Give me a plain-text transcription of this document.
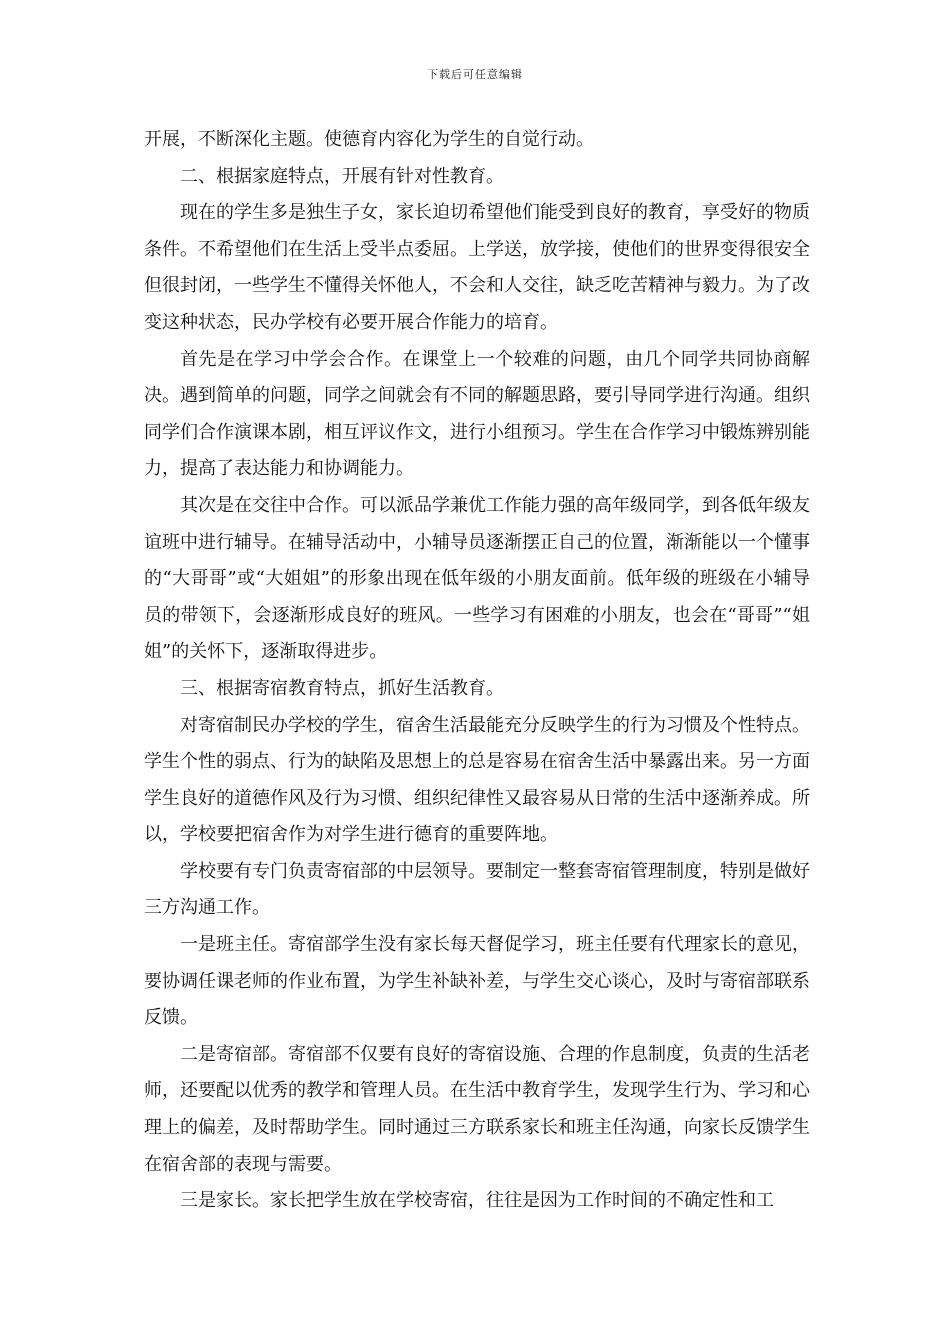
下载后可任意编辑

开展，不断深化主题。使德育内容化为学生的自觉行动。

二、根据家庭特点，开展有针对性教育。

现在的学生多是独生子女，家长迫切希望他们能受到良好的教育，享受好的物质条件。不希望他们在生活上受半点委屈。上学送，放学接，使他们的世界变得很安全但很封闭，一些学生不懂得关怀他人，不会和人交往，缺乏吃苦精神与毅力。为了改变这种状态，民办学校有必要开展合作能力的培育。

首先是在学习中学会合作。在课堂上一个较难的问题，由几个同学共同协商解决。遇到简单的问题，同学之间就会有不同的解题思路，要引导同学进行沟通。组织同学们合作演课本剧，相互评议作文，进行小组预习。学生在合作学习中锻炼辨别能力，提高了表达能力和协调能力。

其次是在交往中合作。可以派品学兼优工作能力强的高年级同学，到各低年级友谊班中进行辅导。在辅导活动中，小辅导员逐渐摆正自己的位置，渐渐能以一个懂事的“大哥哥”或“大姐姐”的形象出现在低年级的小朋友面前。低年级的班级在小辅导员的带领下，会逐渐形成良好的班风。一些学习有困难的小朋友，也会在“哥哥”“姐姐”的关怀下，逐渐取得进步。

三、根据寄宿教育特点，抓好生活教育。

对寄宿制民办学校的学生，宿舍生活最能充分反映学生的行为习惯及个性特点。学生个性的弱点、行为的缺陷及思想上的总是容易在宿舍生活中暴露出来。另一方面学生良好的道德作风及行为习惯、组织纪律性又最容易从日常的生活中逐渐养成。所以，学校要把宿舍作为对学生进行德育的重要阵地。

学校要有专门负责寄宿部的中层领导。要制定一整套寄宿管理制度，特别是做好三方沟通工作。

一是班主任。寄宿部学生没有家长每天督促学习，班主任要有代理家长的意见，要协调任课老师的作业布置，为学生补缺补差，与学生交心谈心，及时与寄宿部联系反馈。

二是寄宿部。寄宿部不仅要有良好的寄宿设施、合理的作息制度，负责的生活老师，还要配以优秀的教学和管理人员。在生活中教育学生，发现学生行为、学习和心理上的偏差，及时帮助学生。同时通过三方联系家长和班主任沟通，向家长反馈学生在宿舍部的表现与需要。

三是家长。家长把学生放在学校寄宿，往往是因为工作时间的不确定性和工
